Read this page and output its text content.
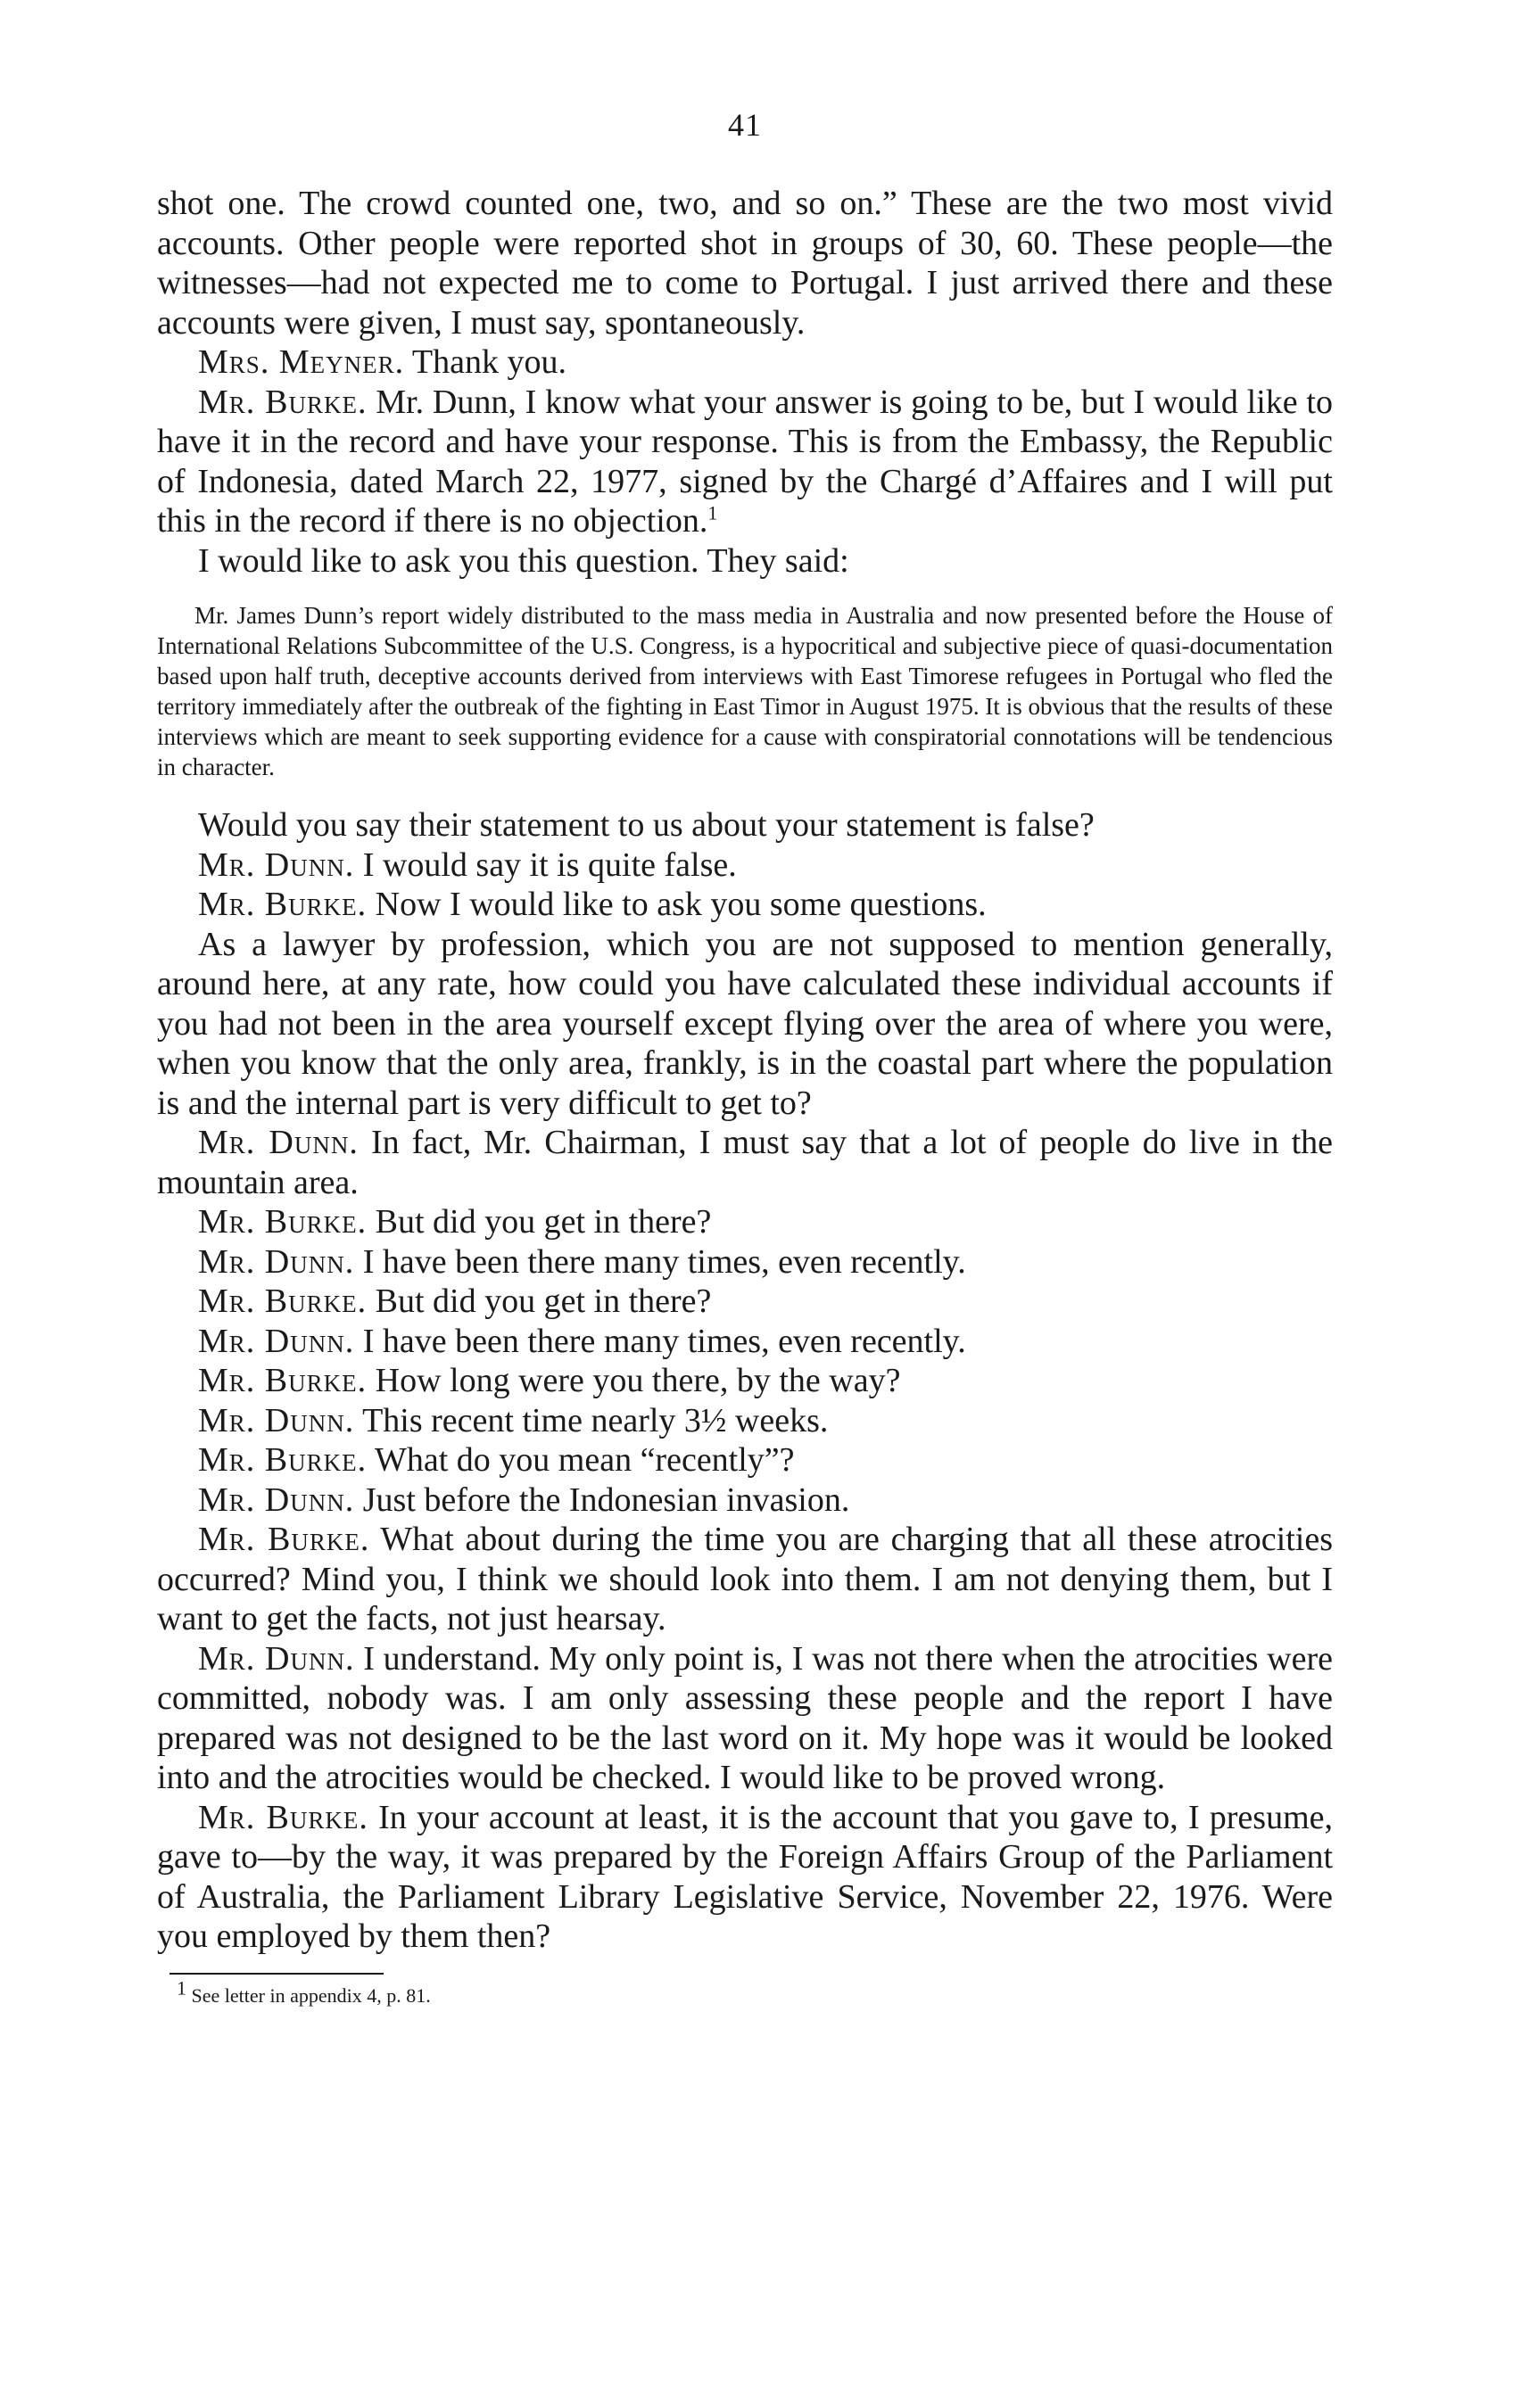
41

shot one. The crowd counted one, two, and so on.” These are the two most vivid accounts. Other people were reported shot in groups of 30, 60. These people—the witnesses—had not expected me to come to Portugal. I just arrived there and these accounts were given, I must say, spontaneously.

Mrs. Meyner. Thank you.

Mr. Burke. Mr. Dunn, I know what your answer is going to be, but I would like to have it in the record and have your response. This is from the Embassy, the Republic of Indonesia, dated March 22, 1977, signed by the Chargé d’Affaires and I will put this in the record if there is no objection.$^1$

I would like to ask you this question. They said:

Mr. James Dunn’s report widely distributed to the mass media in Australia and now presented before the House of International Relations Subcommittee of the U.S. Congress, is a hypocritical and subjective piece of quasi-documentation based upon half truth, deceptive accounts derived from interviews with East Timorese refugees in Portugal who fled the territory immediately after the outbreak of the fighting in East Timor in August 1975. It is obvious that the results of these interviews which are meant to seek supporting evidence for a cause with conspiratorial connotations will be tendencious in character.

Would you say their statement to us about your statement is false?

Mr. Dunn. I would say it is quite false.

Mr. Burke. Now I would like to ask you some questions.

As a lawyer by profession, which you are not supposed to mention generally, around here, at any rate, how could you have calculated these individual accounts if you had not been in the area yourself except flying over the area of where you were, when you know that the only area, frankly, is in the coastal part where the population is and the internal part is very difficult to get to?

Mr. Dunn. In fact, Mr. Chairman, I must say that a lot of people do live in the mountain area.

Mr. Burke. But did you get in there?

Mr. Dunn. I have been there many times, even recently.

Mr. Burke. But did you get in there?

Mr. Dunn. I have been there many times, even recently.

Mr. Burke. How long were you there, by the way?

Mr. Dunn. This recent time nearly 3½ weeks.

Mr. Burke. What do you mean “recently”?

Mr. Dunn. Just before the Indonesian invasion.

Mr. Burke. What about during the time you are charging that all these atrocities occurred? Mind you, I think we should look into them. I am not denying them, but I want to get the facts, not just hearsay.

Mr. Dunn. I understand. My only point is, I was not there when the atrocities were committed, nobody was. I am only assessing these people and the report I have prepared was not designed to be the last word on it. My hope was it would be looked into and the atrocities would be checked. I would like to be proved wrong.

Mr. Burke. In your account at least, it is the account that you gave to, I presume, gave to—by the way, it was prepared by the Foreign Affairs Group of the Parliament of Australia, the Parliament Library Legislative Service, November 22, 1976. Were you employed by them then?

$^1$ See letter in appendix 4, p. 81.
